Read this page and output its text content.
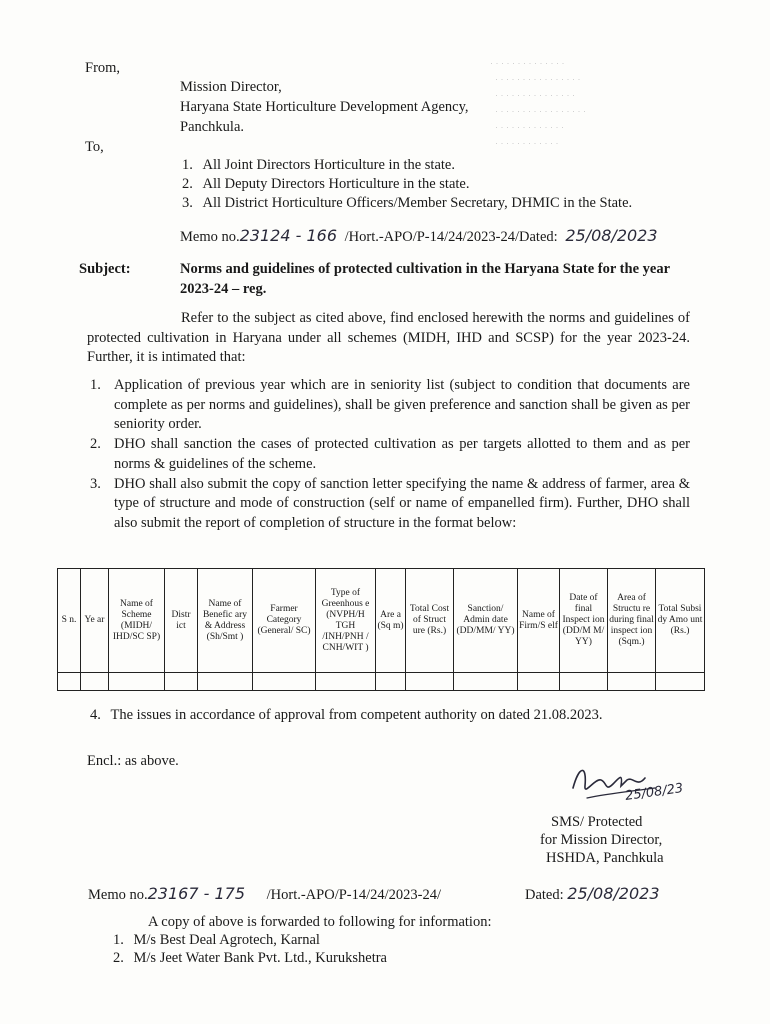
· · · · · · · · · · · · · ·
· · · · · · · · · · · · · · · ·
· · · · · · · · · · · · · · ·
· · · · · · · · · · · · · · · · ·
· · · · · · · · · · · · ·
· · · · · · · · · · · ·
From,
Mission Director,
Haryana State Horticulture Development Agency,
Panchkula.
To,
1. All Joint Directors Horticulture in the state.
2. All Deputy Directors Horticulture in the state.
3. All District Horticulture Officers/Member Secretary, DHMIC in the State.
Memo no.23124 - 166 /Hort.-APO/P-14/24/2023-24/Dated: 25/08/2023
Subject:	Norms and guidelines of protected cultivation in the Haryana State for the year 2023-24 – reg.
Refer to the subject as cited above, find enclosed herewith the norms and guidelines of protected cultivation in Haryana under all schemes (MIDH, IHD and SCSP) for the year 2023-24. Further, it is intimated that:
1. Application of previous year which are in seniority list (subject to condition that documents are complete as per norms and guidelines), shall be given preference and sanction shall be given as per seniority order.
2. DHO shall sanction the cases of protected cultivation as per targets allotted to them and as per norms & guidelines of the scheme.
3. DHO shall also submit the copy of sanction letter specifying the name & address of farmer, area & type of structure and mode of construction (self or name of empanelled firm). Further, DHO shall also submit the report of completion of structure in the format below:
S n.	Ye ar	Name of Scheme (MIDH/ IHD/SC SP)	Distr ict	Name of Benefic ary & Address (Sh/Smt )	Farmer Category (General/ SC)	Type of Greenhous e (NVPH/H TGH /INH/PNH / CNH/WIT )	Are a (Sq m)	Total Cost of Struct ure (Rs.)	Sanction/ Admin date (DD/MM/ YY)	Name of Firm/S elf	Date of final Inspect ion (DD/M M/ YY)	Area of Structu re during final inspect ion (Sqm.)	Total Subsi dy Amo unt (Rs.)

4. The issues in accordance of approval from competent authority on dated 21.08.2023.
Encl.: as above.
25/08/23
SMS/ Protected
for Mission Director,
HSHDA, Panchkula
Memo no.23167 - 175 /Hort.-APO/P-14/24/2023-24/	Dated: 25/08/2023
A copy of above is forwarded to following for information:
1. M/s Best Deal Agrotech, Karnal
2. M/s Jeet Water Bank Pvt. Ltd., Kurukshetra
